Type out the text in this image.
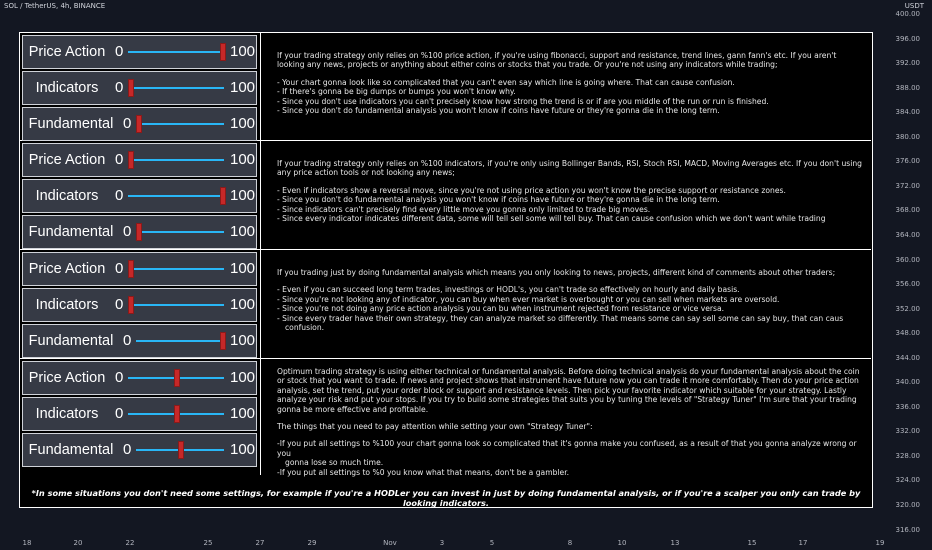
SOL / TetherUS, 4h, BINANCE	USDT
400.00
396.00
392.00
388.00
384.00
380.00
376.00
372.00
368.00
364.00
360.00
356.00
352.00
348.00
344.00
340.00
336.00
332.00
328.00
324.00
320.00
316.00
18	20	22	25	27	29	Nov	3	5	8	10	13	15	17	19
Price Action 0	100
Indicators	0	100
Fundamental 0	100

If your trading strategy only relies on %100 price action, if you're using fibonacci, support and resistance, trend lines, gann fann's etc. If you aren't looking any news, projects or anything about either coins or stocks that you trade. Or you're not using any indicators while trading;

- Your chart gonna look like so complicated that you can't even say which line is going where. That can cause confusion.

- If there's gonna be big dumps or bumps you won't know why.

- Since you don't use indicators you can't precisely know how strong the trend is or if are you middle of the run or run is finished.

- Since you don't do fundamental analysis you won't know if coins have future or they're gonna die in the long term.

Price Action 0	100
Indicators	0	100
Fundamental 0	100

If your trading strategy only relies on %100 indicators, if you're only using Bollinger Bands, RSI, Stoch RSI, MACD, Moving Averages etc. If you don't using any price action tools or not looking any news;

- Even if indicators show a reversal move, since you're not using price action you won't know the precise support or resistance zones.

- Since you don't do fundamental analysis you won't know if coins have future or they're gonna die in the long term.

- Since indicators can't precisely find every little move you gonna only limited to trade big moves.

- Since every indicator indicates different data, some will tell sell some will tell buy. That can cause confusion which we don't want while trading

Price Action 0	100
Indicators	0	100
Fundamental 0	100

If you trading just by doing fundamental analysis which means you only looking to news, projects, different kind of comments about other traders;

- Even if you can succeed long term trades, investings or HODL's, you can't trade so effectively on hourly and daily basis.

- Since you're not looking any of indicator, you can buy when ever market is overbought or you can sell when markets are oversold.

- Since you're not doing any price action analysis you can bu when instrument rejected from resistance or vice versa.

- Since every trader have their own strategy, they can analyze market so differently. That means some can say sell some can say buy, that can caus

confusion.

Price Action 0	100
Indicators	0	100
Fundamental 0	100

Optimum trading strategy is using either technical or fundamental analysis. Before doing technical analysis do your fundamental analysis about the coin or stock that you want to trade. If news and project shows that instrument have future now you can trade it more comfortably. Then do your price action analysis, set the trend, put your order block or support and resistance levels. Then pick your favorite indicator which suitable for your strategy. Lastly analyze your risk and put your stops. If you try to build some strategies that suits you by tuning the levels of "Strategy Tuner" I'm sure that your trading gonna be more effective and profitable.

The things that you need to pay attention while setting your own "Strategy Tuner":

-If you put all settings to %100 your chart gonna look so complicated that it's gonna make you confused, as a result of that you gonna analyze wrong or you

gonna lose so much time.

-If you put all settings to %0 you know what that means, don't be a gambler.

*In some situations you don't need some settings, for example if you're a HODLer you can invest in just by doing fundamental analysis, or if you're a scalper you only can trade by looking indicators.
